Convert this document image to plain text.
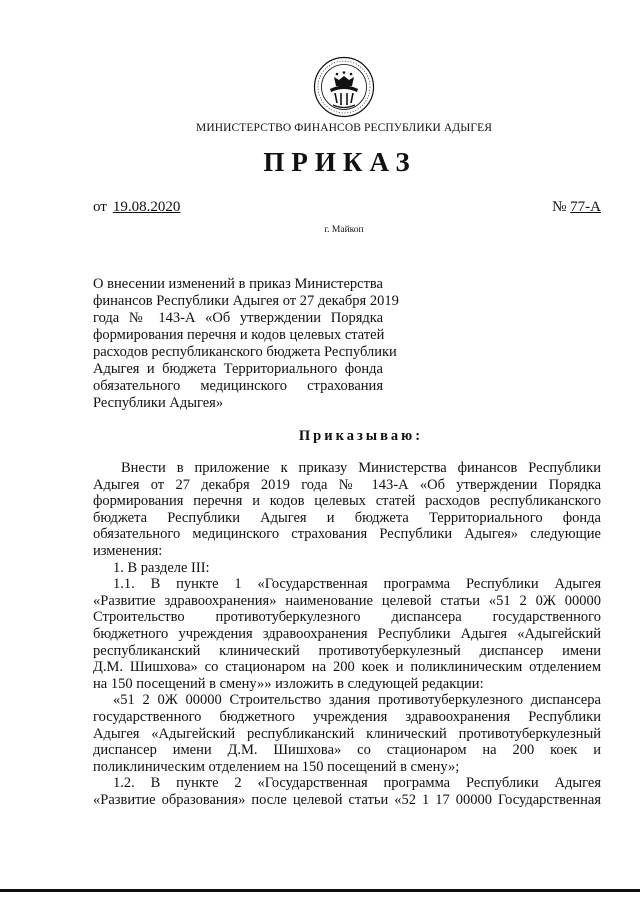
МИНИСТЕРСТВО ФИНАНСОВ РЕСПУБЛИКИ АДЫГЕЯ
ПРИКАЗ
от 19.08.2020	№ 77-А
г. Майкоп
О внесении изменений в приказ Министерства
финансов Республики Адыгея от 27 декабря 2019
года № 143-А «Об утверждении Порядка
формирования перечня и кодов целевых статей
расходов республиканского бюджета Республики
Адыгея и бюджета Территориального фонда
обязательного медицинского страхования
Республики Адыгея»
Приказываю:
Внести в приложение к приказу Министерства финансов Республики
Адыгея от 27 декабря 2019 года № 143-А «Об утверждении Порядка
формирования перечня и кодов целевых статей расходов республиканского
бюджета Республики Адыгея и бюджета Территориального фонда
обязательного медицинского страхования Республики Адыгея» следующие
изменения:
1. В разделе III:
1.1. В пункте 1 «Государственная программа Республики Адыгея
«Развитие здравоохранения» наименование целевой статьи «51 2 0Ж 00000
Строительство противотуберкулезного диспансера государственного
бюджетного учреждения здравоохранения Республики Адыгея «Адыгейский
республиканский клинический противотуберкулезный диспансер имени
Д.М. Шишхова» со стационаром на 200 коек и поликлиническим отделением
на 150 посещений в смену»» изложить в следующей редакции:
«51 2 0Ж 00000 Строительство здания противотуберкулезного диспансера
государственного бюджетного учреждения здравоохранения Республики
Адыгея «Адыгейский республиканский клинический противотуберкулезный
диспансер имени Д.М. Шишхова» со стационаром на 200 коек и
поликлиническим отделением на 150 посещений в смену»;
1.2. В пункте 2 «Государственная программа Республики Адыгея
«Развитие образования» после целевой статьи «52 1 17 00000 Государственная
